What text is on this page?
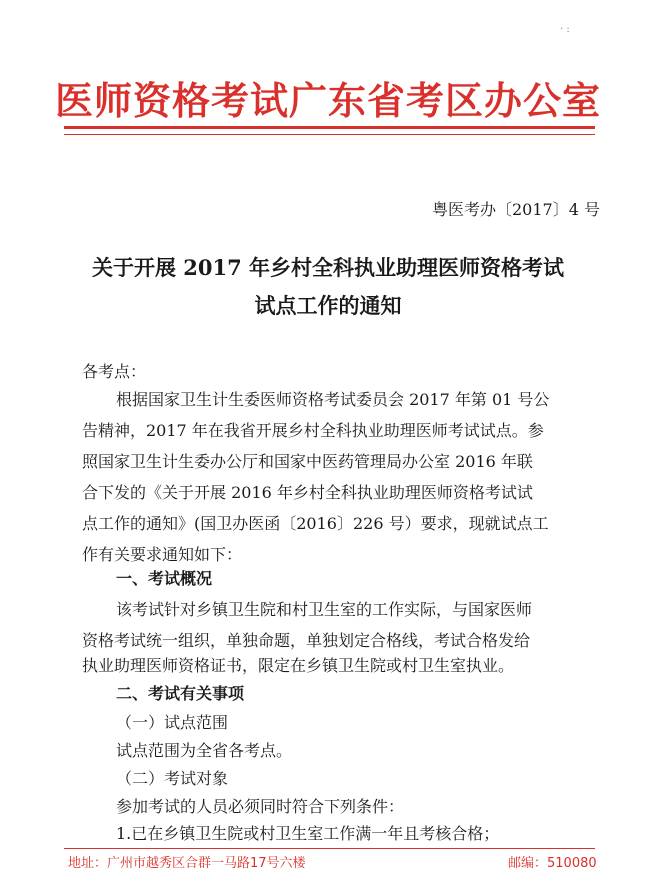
· :
医师资格考试广东省考区办公室
粤医考办〔2017〕4 号
关于开展 2017 年乡村全科执业助理医师资格考试
试点工作的通知
各考点：
根据国家卫生计生委医师资格考试委员会 2017 年第 01 号公
告精神，2017 年在我省开展乡村全科执业助理医师考试试点。参
照国家卫生计生委办公厅和国家中医药管理局办公室 2016 年联
合下发的《关于开展 2016 年乡村全科执业助理医师资格考试试
点工作的通知》(国卫办医函〔2016〕226 号）要求，现就试点工
作有关要求通知如下：
一、考试概况
该考试针对乡镇卫生院和村卫生室的工作实际，与国家医师
资格考试统一组织，单独命题，单独划定合格线，考试合格发给
执业助理医师资格证书，限定在乡镇卫生院或村卫生室执业。
二、考试有关事项
（一）试点范围
试点范围为全省各考点。
（二）考试对象
参加考试的人员必须同时符合下列条件：
1.已在乡镇卫生院或村卫生室工作满一年且考核合格；
地址：广州市越秀区合群一马路17号六楼	邮编：510080
